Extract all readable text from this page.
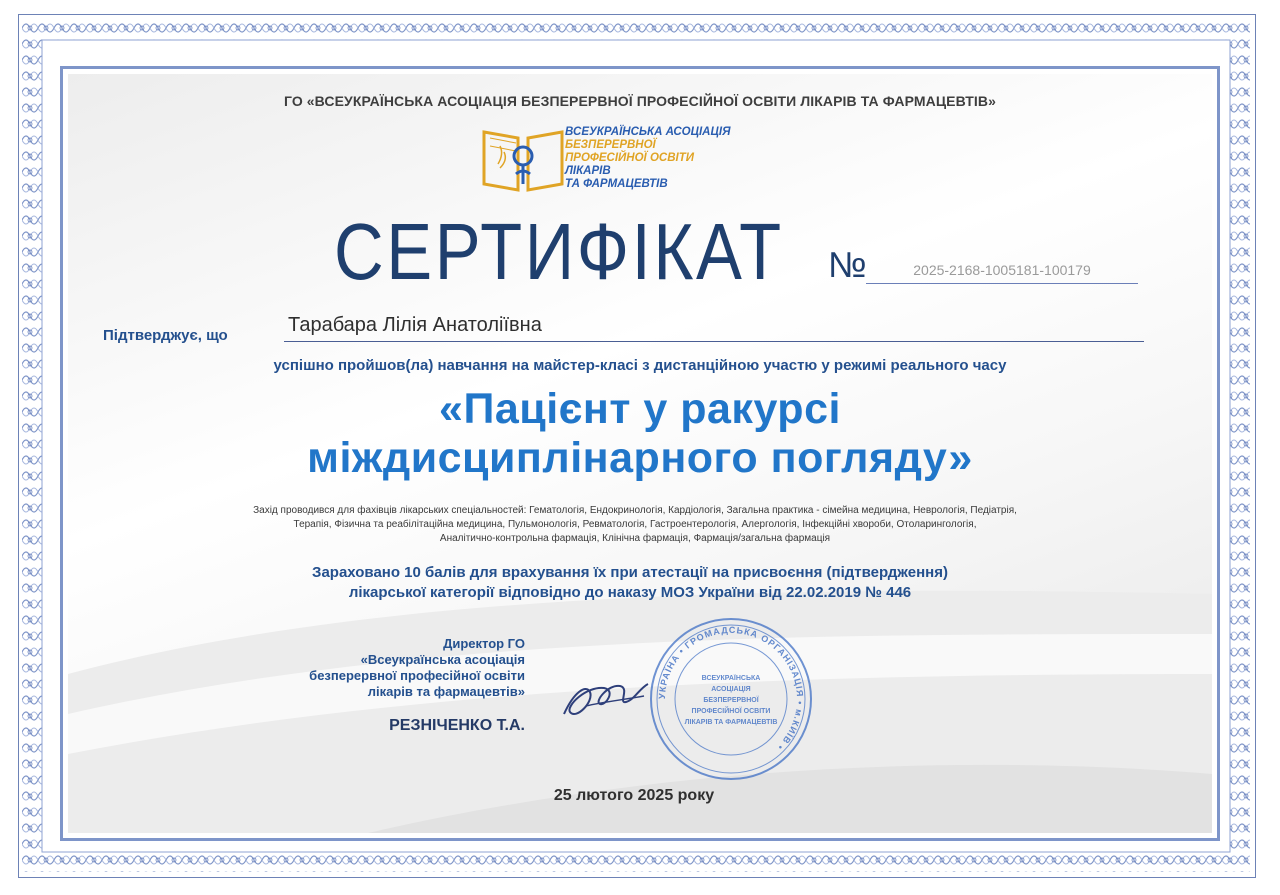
ГО «ВСЕУКРАЇНСЬКА АСОЦІАЦІЯ БЕЗПЕРЕРВНОЇ ПРОФЕСІЙНОЇ ОСВІТИ ЛІКАРІВ ТА ФАРМАЦЕВТІВ»
ВСЕУКРАЇНСЬКА АСОЦІАЦІЯ
БЕЗПЕРЕРВНОЇ
ПРОФЕСІЙНОЇ ОСВІТИ
ЛІКАРІВ
ТА ФАРМАЦЕВТІВ
СЕРТИФІКАТ №	2025-2168-1005181-100179
Підтверджує, що	Тарабара Лілія Анатоліївна
успішно пройшов(ла) навчання на майстер-класі з дистанційною участю у режимі реального часу
«Пацієнт у ракурсі
міждисциплінарного погляду»
Захід проводився для фахівців лікарських спеціальностей: Гематологія, Ендокринологія, Кардіологія, Загальна практика - сімейна медицина, Неврологія, Педіатрія,
Терапія, Фізична та реабілітаційна медицина, Пульмонологія, Ревматологія, Гастроентерологія, Алергологія, Інфекційні хвороби, Отоларингологія,
Аналітично-контрольна фармація, Клінічна фармація, Фармація/загальна фармація
Зараховано 10 балів для врахування їх при атестації на присвоєння (підтвердження)
лікарської категорії відповідно до наказу МОЗ України від 22.02.2019 № 446
Директор ГО
«Всеукраїнська асоціація
безперервної професійної освіти
лікарів та фармацевтів»
РЕЗНІЧЕНКО Т.А.
УКРАЇНА • ГРОМАДСЬКА ОРГАНІЗАЦІЯ • м.КИЇВ •
ВСЕУКРАЇНСЬКА
АСОЦІАЦІЯ
БЕЗПЕРЕРВНОЇ
ПРОФЕСІЙНОЇ ОСВІТИ
ЛІКАРІВ ТА ФАРМАЦЕВТІВ
25 лютого 2025 року
